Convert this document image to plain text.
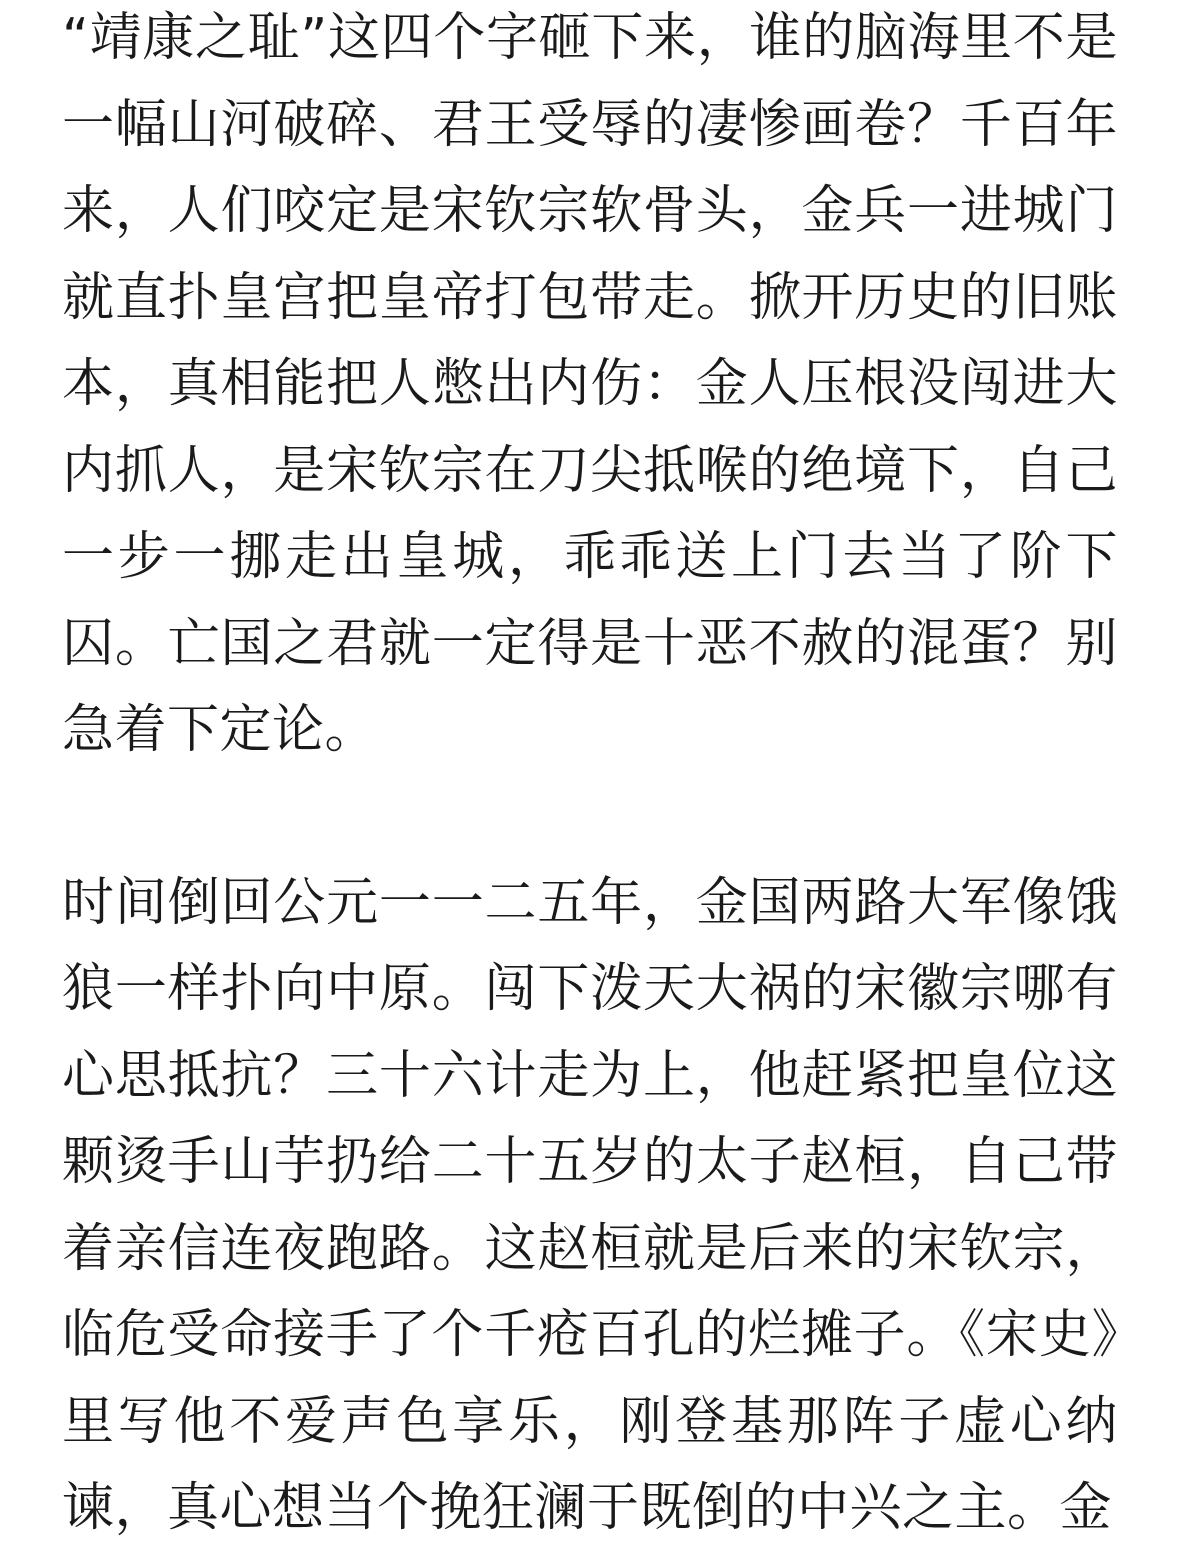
“靖康之耻”这四个字砸下来，谁的脑海里不是一幅山河破碎、君王受辱的凄惨画卷？千百年来，人们咬定是宋钦宗软骨头，金兵一进城门就直扑皇宫把皇帝打包带走。掀开历史的旧账本，真相能把人憋出内伤：金人压根没闯进大内抓人，是宋钦宗在刀尖抵喉的绝境下，自己一步一挪走出皇城，乖乖送上门去当了阶下囚。亡国之君就一定得是十恶不赦的混蛋？别急着下定论。

时间倒回公元一一二五年，金国两路大军像饿狼一样扑向中原。闯下泼天大祸的宋徽宗哪有心思抵抗？三十六计走为上，他赶紧把皇位这颗烫手山芋扔给二十五岁的太子赵桓，自己带着亲信连夜跑路。这赵桓就是后来的宋钦宗，临危受命接手了个千疮百孔的烂摊子。《宋史》里写他不爱声色享乐，刚登基那阵子虚心纳谏，真心想当个挽狂澜于既倒的中兴之主。金
